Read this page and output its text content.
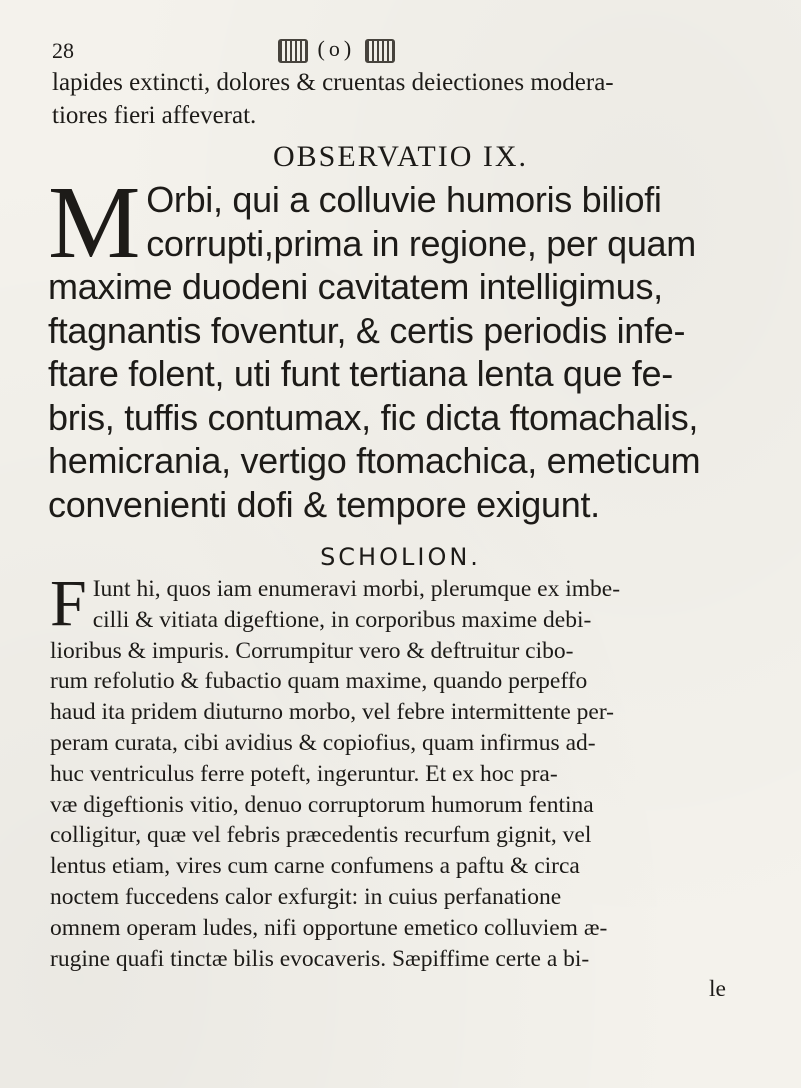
28	(o)
lapides extincti, dolores & cruentas deiectiones modera-
tiores fieri affeverat.
OBSERVATIO IX.
M Orbi, qui a colluvie humoris biliofi
corrupti,prima in regione, per quam
maxime duodeni cavitatem intelligimus,
ftagnantis foventur, & certis periodis infe-
ftare folent, uti funt tertiana lenta que fe-
bris, tuffis contumax, fic dicta ftomachalis,
hemicrania, vertigo ftomachica, emeticum
convenienti dofi & tempore exigunt.
SCHOLION.
F Iunt hi, quos iam enumeravi morbi, plerumque ex imbe-
cilli & vitiata digeftione, in corporibus maxime debi-
lioribus & impuris. Corrumpitur vero & deftruitur cibo-
rum refolutio & fubactio quam maxime, quando perpeffo
haud ita pridem diuturno morbo, vel febre intermittente per-
peram curata, cibi avidius & copiofius, quam infirmus ad-
huc ventriculus ferre poteft, ingeruntur. Et ex hoc pra-
væ digeftionis vitio, denuo corruptorum humorum fentina
colligitur, quæ vel febris præcedentis recurfum gignit, vel
lentus etiam, vires cum carne confumens a paftu & circa
noctem fuccedens calor exfurgit: in cuius perfanatione
omnem operam ludes, nifi opportune emetico colluviem æ-
rugine quafi tinctæ bilis evocaveris. Sæpiffime certe a bi-
le
